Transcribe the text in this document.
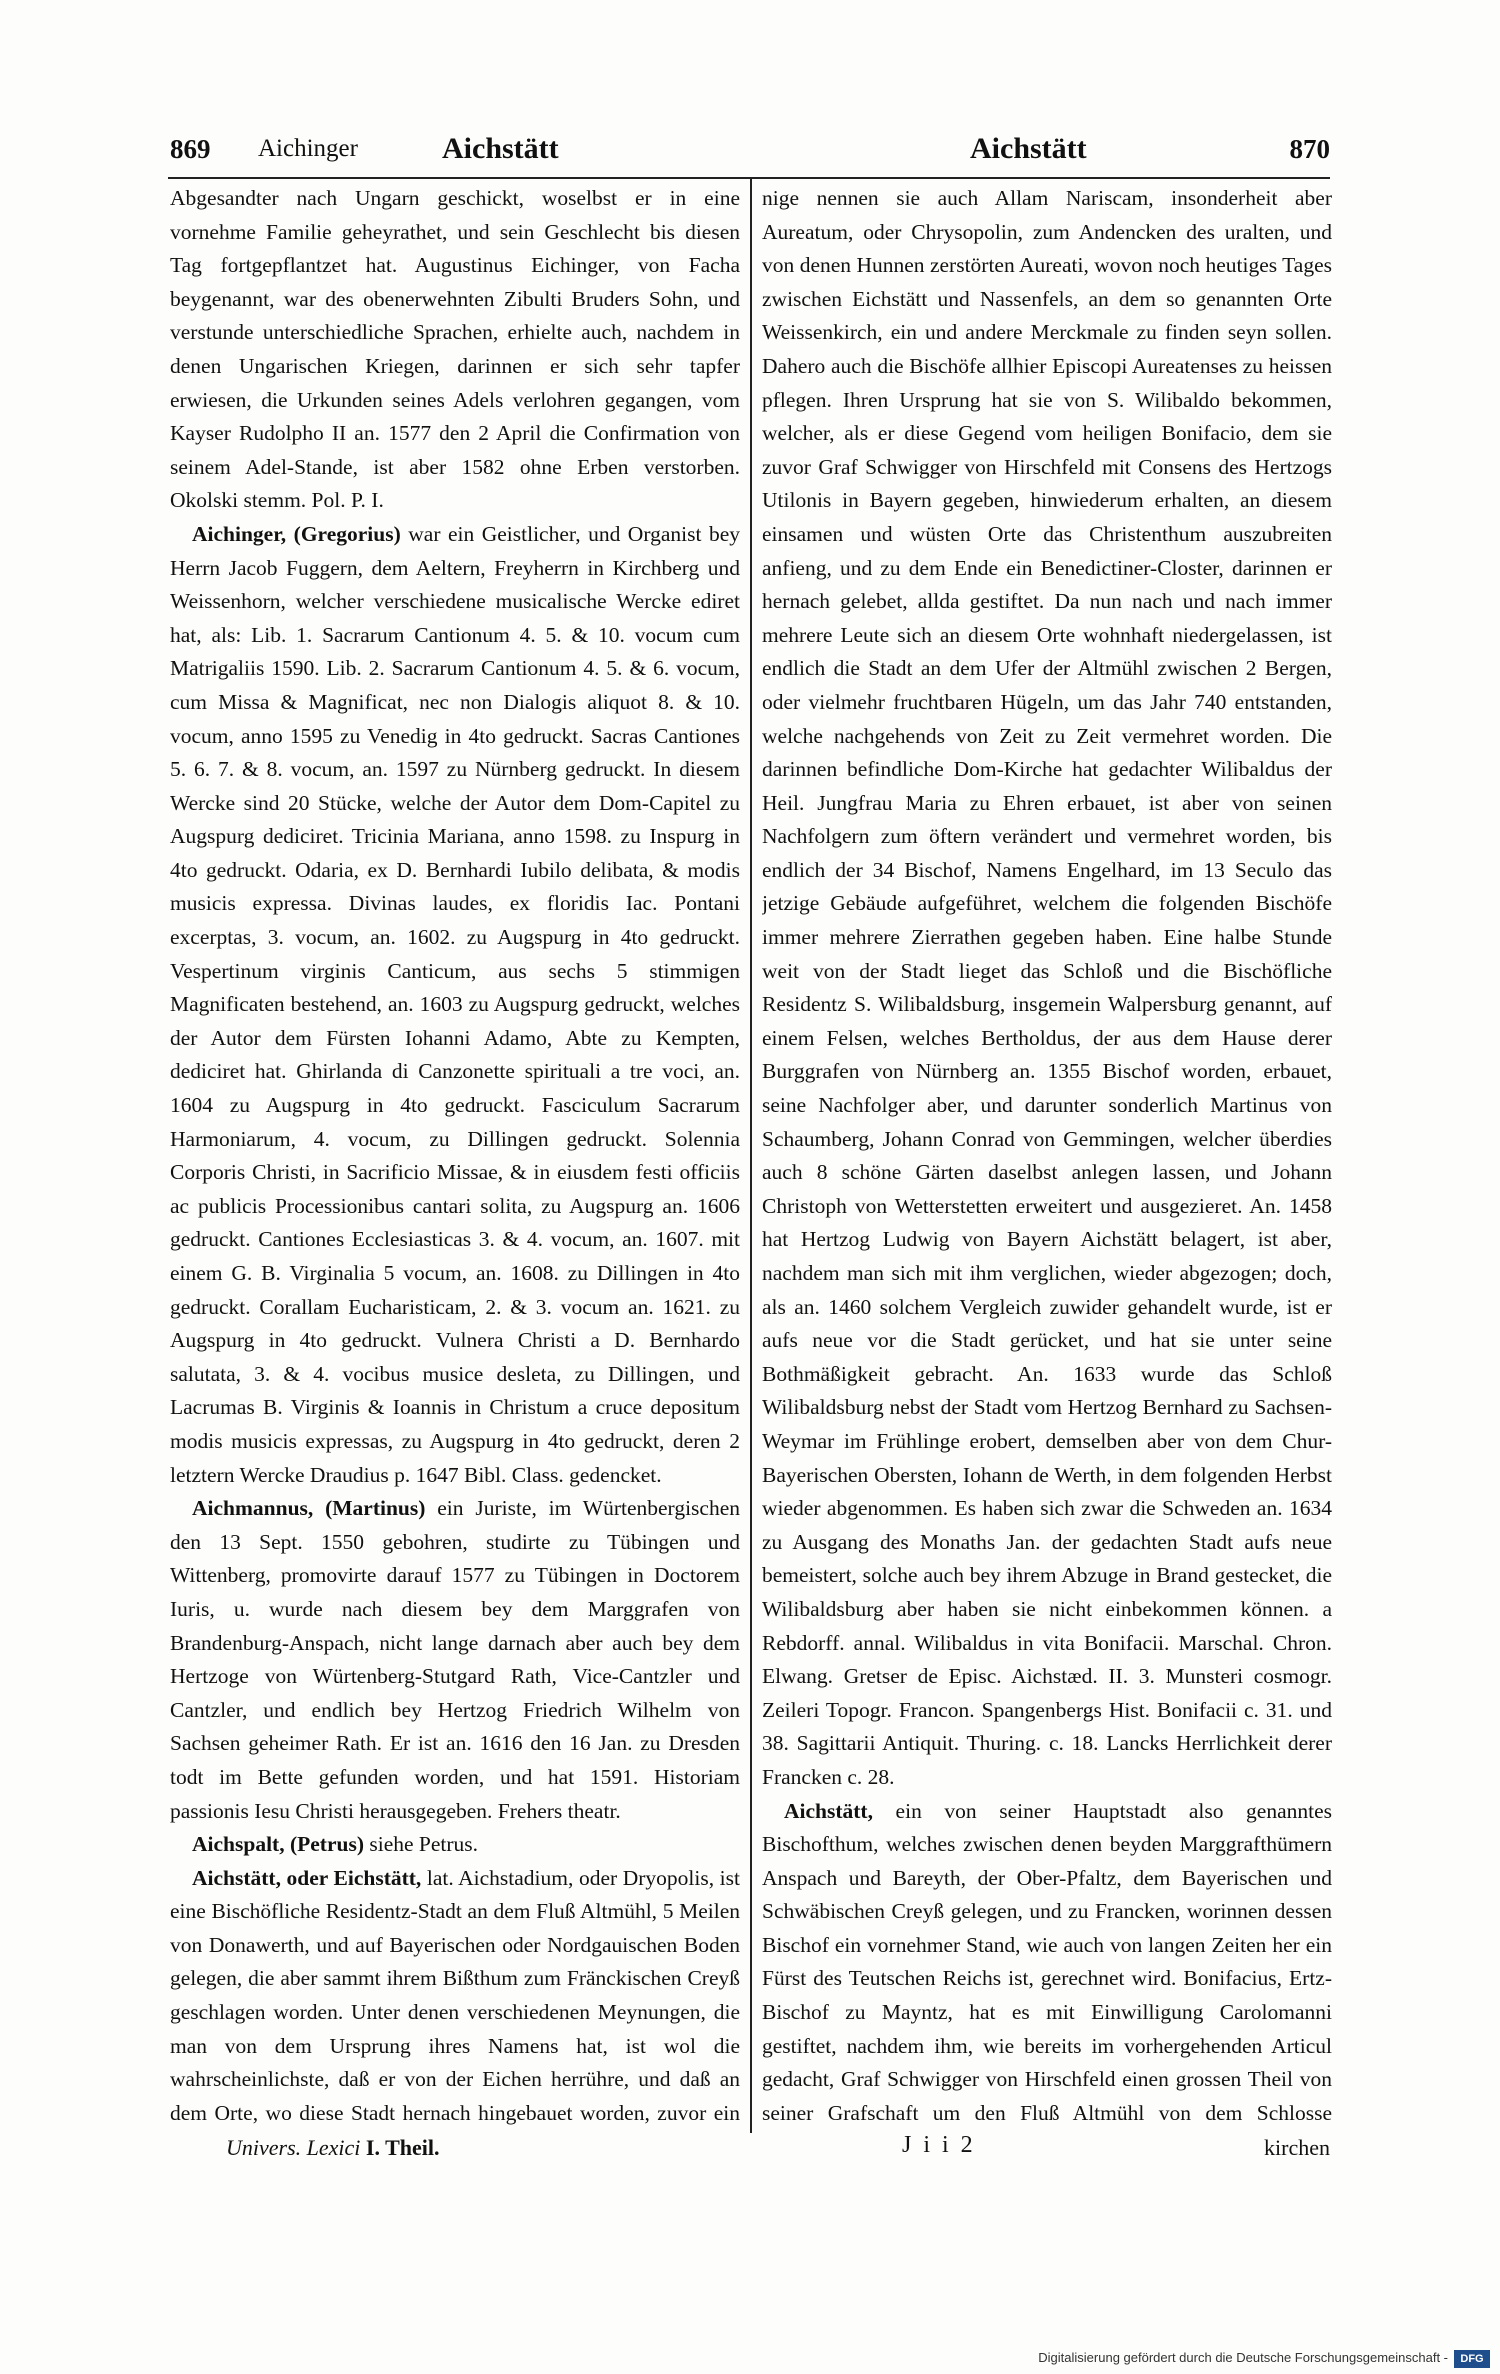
869 Aichinger	Aichstätt	Aichstätt	870

Abgesandter nach Ungarn geschickt, woselbst er in eine vornehme Familie geheyrathet, und sein Geschlecht bis diesen Tag fortgepflantzet hat. Augustinus Eichinger, von Facha beygenannt, war des obenerwehnten Zibulti Bruders Sohn, und verstunde unterschiedliche Sprachen, erhielte auch, nachdem in denen Ungarischen Kriegen, darinnen er sich sehr tapfer erwiesen, die Urkunden seines Adels verlohren gegangen, vom Kayser Rudolpho II an. 1577 den 2 April die Confirmation von seinem Adel-Stande, ist aber 1582 ohne Erben verstorben. Okolski stemm. Pol. P. I.

Aichinger, (Gregorius) war ein Geistlicher, und Organist bey Herrn Jacob Fuggern, dem Aeltern, Freyherrn in Kirchberg und Weissenhorn, welcher verschiedene musicalische Wercke ediret hat, als: Lib. 1. Sacrarum Cantionum 4. 5. & 10. vocum cum Matrigaliis 1590. Lib. 2. Sacrarum Cantionum 4. 5. & 6. vocum, cum Missa & Magnificat, nec non Dialogis aliquot 8. & 10. vocum, anno 1595 zu Venedig in 4to gedruckt. Sacras Cantiones 5. 6. 7. & 8. vocum, an. 1597 zu Nürnberg gedruckt. In diesem Wercke sind 20 Stücke, welche der Autor dem Dom-Capitel zu Augspurg dediciret. Tricinia Mariana, anno 1598. zu Inspurg in 4to gedruckt. Odaria, ex D. Bernhardi Iubilo delibata, & modis musicis expressa. Divinas laudes, ex floridis Iac. Pontani excerptas, 3. vocum, an. 1602. zu Augspurg in 4to gedruckt. Vespertinum virginis Canticum, aus sechs 5 stimmigen Magnificaten bestehend, an. 1603 zu Augspurg gedruckt, welches der Autor dem Fürsten Iohanni Adamo, Abte zu Kempten, dediciret hat. Ghirlanda di Canzonette spirituali a tre voci, an. 1604 zu Augspurg in 4to gedruckt. Fasciculum Sacrarum Harmoniarum, 4. vocum, zu Dillingen gedruckt. Solennia Corporis Christi, in Sacrificio Missae, & in eiusdem festi officiis ac publicis Processionibus cantari solita, zu Augspurg an. 1606 gedruckt. Cantiones Ecclesiasticas 3. & 4. vocum, an. 1607. mit einem G. B. Virginalia 5 vocum, an. 1608. zu Dillingen in 4to gedruckt. Corallam Eucharisticam, 2. & 3. vocum an. 1621. zu Augspurg in 4to gedruckt. Vulnera Christi a D. Bernhardo salutata, 3. & 4. vocibus musice desleta, zu Dillingen, und Lacrumas B. Virginis & Ioannis in Christum a cruce depositum modis musicis expressas, zu Augspurg in 4to gedruckt, deren 2 letztern Wercke Draudius p. 1647 Bibl. Class. gedencket.

Aichmannus, (Martinus) ein Juriste, im Würtenbergischen den 13 Sept. 1550 gebohren, studirte zu Tübingen und Wittenberg, promovirte darauf 1577 zu Tübingen in Doctorem Iuris, u. wurde nach diesem bey dem Marggrafen von Brandenburg-Anspach, nicht lange darnach aber auch bey dem Hertzoge von Würtenberg-Stutgard Rath, Vice-Cantzler und Cantzler, und endlich bey Hertzog Friedrich Wilhelm von Sachsen geheimer Rath. Er ist an. 1616 den 16 Jan. zu Dresden todt im Bette gefunden worden, und hat 1591. Historiam passionis Iesu Christi herausgegeben. Frehers theatr.

Aichspalt, (Petrus) siehe Petrus.

Aichstätt, oder Eichstätt, lat. Aichstadium, oder Dryopolis, ist eine Bischöfliche Residentz-Stadt an dem Fluß Altmühl, 5 Meilen von Donawerth, und auf Bayerischen oder Nordgauischen Boden gelegen, die aber sammt ihrem Bißthum zum Fränckischen Creyß geschlagen worden. Unter denen verschiedenen Meynungen, die man von dem Ursprung ihres Namens hat, ist wol die wahrscheinlichste, daß er von der Eichen herrühre, und daß an dem Orte, wo diese Stadt hernach hingebauet worden, zuvor ein

nige nennen sie auch Allam Nariscam, insonderheit aber Aureatum, oder Chrysopolin, zum Andencken des uralten, und von denen Hunnen zerstörten Aureati, wovon noch heutiges Tages zwischen Eichstätt und Nassenfels, an dem so genannten Orte Weissenkirch, ein und andere Merckmale zu finden seyn sollen. Dahero auch die Bischöfe allhier Episcopi Aureatenses zu heissen pflegen. Ihren Ursprung hat sie von S. Wilibaldo bekommen, welcher, als er diese Gegend vom heiligen Bonifacio, dem sie zuvor Graf Schwigger von Hirschfeld mit Consens des Hertzogs Utilonis in Bayern gegeben, hinwiederum erhalten, an diesem einsamen und wüsten Orte das Christenthum auszubreiten anfieng, und zu dem Ende ein Benedictiner-Closter, darinnen er hernach gelebet, allda gestiftet. Da nun nach und nach immer mehrere Leute sich an diesem Orte wohnhaft niedergelassen, ist endlich die Stadt an dem Ufer der Altmühl zwischen 2 Bergen, oder vielmehr fruchtbaren Hügeln, um das Jahr 740 entstanden, welche nachgehends von Zeit zu Zeit vermehret worden. Die darinnen befindliche Dom-Kirche hat gedachter Wilibaldus der Heil. Jungfrau Maria zu Ehren erbauet, ist aber von seinen Nachfolgern zum öftern verändert und vermehret worden, bis endlich der 34 Bischof, Namens Engelhard, im 13 Seculo das jetzige Gebäude aufgeführet, welchem die folgenden Bischöfe immer mehrere Zierrathen gegeben haben. Eine halbe Stunde weit von der Stadt lieget das Schloß und die Bischöfliche Residentz S. Wilibaldsburg, insgemein Walpersburg genannt, auf einem Felsen, welches Bertholdus, der aus dem Hause derer Burggrafen von Nürnberg an. 1355 Bischof worden, erbauet, seine Nachfolger aber, und darunter sonderlich Martinus von Schaumberg, Johann Conrad von Gemmingen, welcher überdies auch 8 schöne Gärten daselbst anlegen lassen, und Johann Christoph von Wetterstetten erweitert und ausgezieret. An. 1458 hat Hertzog Ludwig von Bayern Aichstätt belagert, ist aber, nachdem man sich mit ihm verglichen, wieder abgezogen; doch, als an. 1460 solchem Vergleich zuwider gehandelt wurde, ist er aufs neue vor die Stadt gerücket, und hat sie unter seine Bothmäßigkeit gebracht. An. 1633 wurde das Schloß Wilibaldsburg nebst der Stadt vom Hertzog Bernhard zu Sachsen-Weymar im Frühlinge erobert, demselben aber von dem Chur-Bayerischen Obersten, Iohann de Werth, in dem folgenden Herbst wieder abgenommen. Es haben sich zwar die Schweden an. 1634 zu Ausgang des Monaths Jan. der gedachten Stadt aufs neue bemeistert, solche auch bey ihrem Abzuge in Brand gestecket, die Wilibaldsburg aber haben sie nicht einbekommen können. a Rebdorff. annal. Wilibaldus in vita Bonifacii. Marschal. Chron. Elwang. Gretser de Episc. Aichstæd. II. 3. Munsteri cosmogr. Zeileri Topogr. Francon. Spangenbergs Hist. Bonifacii c. 31. und 38. Sagittarii Antiquit. Thuring. c. 18. Lancks Herrlichkeit derer Francken c. 28.

Aichstätt, ein von seiner Hauptstadt also genanntes Bischofthum, welches zwischen denen beyden Marggrafthümern Anspach und Bareyth, der Ober-Pfaltz, dem Bayerischen und Schwäbischen Creyß gelegen, und zu Francken, worinnen dessen Bischof ein vornehmer Stand, wie auch von langen Zeiten her ein Fürst des Teutschen Reichs ist, gerechnet wird. Bonifacius, Ertz-Bischof zu Mayntz, hat es mit Einwilligung Carolomanni gestiftet, nachdem ihm, wie bereits im vorhergehenden Articul gedacht, Graf Schwigger von Hirschfeld einen grossen Theil von seiner Grafschaft um den Fluß Altmühl von dem Schlosse

Univers. Lexici I. Theil.	J i i 2	kirchen
Digitalisierung gefördert durch die Deutsche Forschungsgemeinschaft -	DFG
